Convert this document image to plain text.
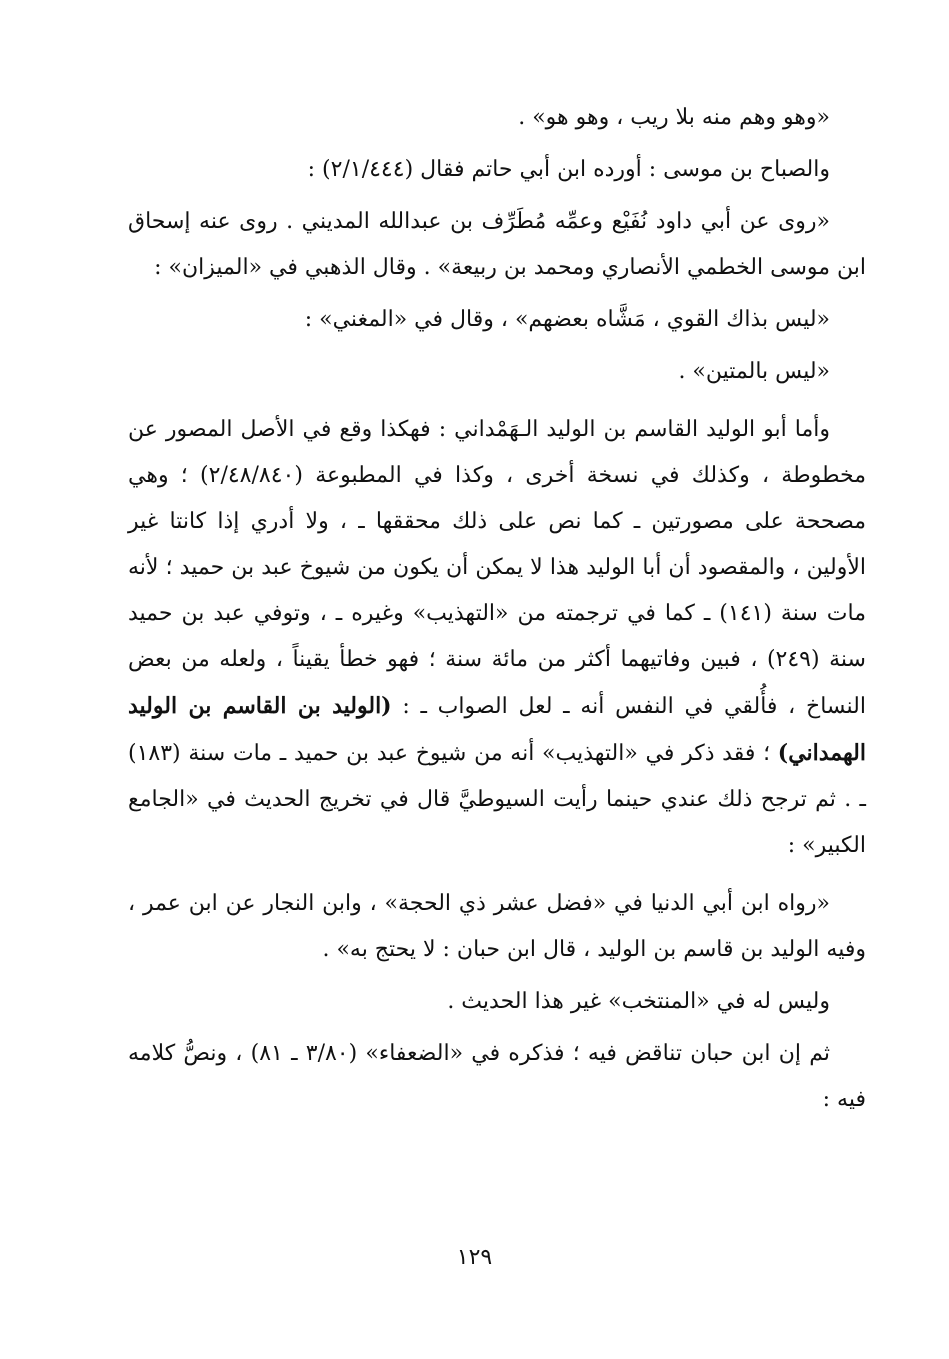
«وهو وهم منه بلا ريب ، وهو هو» .

والصباح بن موسى : أورده ابن أبي حاتم فقال (٢/١/٤٤٤) :

«روى عن أبي داود نُفَيْع وعمِّه مُطَرِّف بن عبدالله المديني . روى عنه إسحاق ابن موسى الخطمي الأنصاري ومحمد بن ربيعة» . وقال الذهبي في «الميزان» :

«ليس بذاك القوي ، مَشَّاه بعضهم» ، وقال في «المغني» :

«ليس بالمتين» .

وأما أبو الوليد القاسم بن الوليد الـهَمْداني : فهكذا وقع في الأصل المصور عن مخطوطة ، وكذلك في نسخة أخرى ، وكذا في المطبوعة (٢/٤٨/٨٤٠) ؛ وهي مصححة على مصورتين ـ كما نص على ذلك محققها ـ ، ولا أدري إذا كانتا غير الأولين ، والمقصود أن أبا الوليد هذا لا يمكن أن يكون من شيوخ عبد بن حميد ؛ لأنه مات سنة (١٤١) ـ كما في ترجمته من «التهذيب» وغيره ـ ، وتوفي عبد بن حميد سنة (٢٤٩) ، فبين وفاتيهما أكثر من مائة سنة ؛ فهو خطأ يقيناً ، ولعله من بعض النساخ ، فأُلقي في النفس أنه ـ لعل الصواب ـ : (الوليد بن القاسم بن الوليد الهمداني) ؛ فقد ذكر في «التهذيب» أنه من شيوخ عبد بن حميد ـ مات سنة (١٨٣) ـ . ثم ترجح ذلك عندي حينما رأيت السيوطيَّ قال في تخريج الحديث في «الجامع الكبير» :

«رواه ابن أبي الدنيا في «فضل عشر ذي الحجة» ، وابن النجار عن ابن عمر ، وفيه الوليد بن قاسم بن الوليد ، قال ابن حبان : لا يحتج به» .

وليس له في «المنتخب» غير هذا الحديث .

ثم إن ابن حبان تناقض فيه ؛ فذكره في «الضعفاء» (٣/٨٠ ـ ٨١) ، ونصُّ كلامه فيه :

١٢٩
